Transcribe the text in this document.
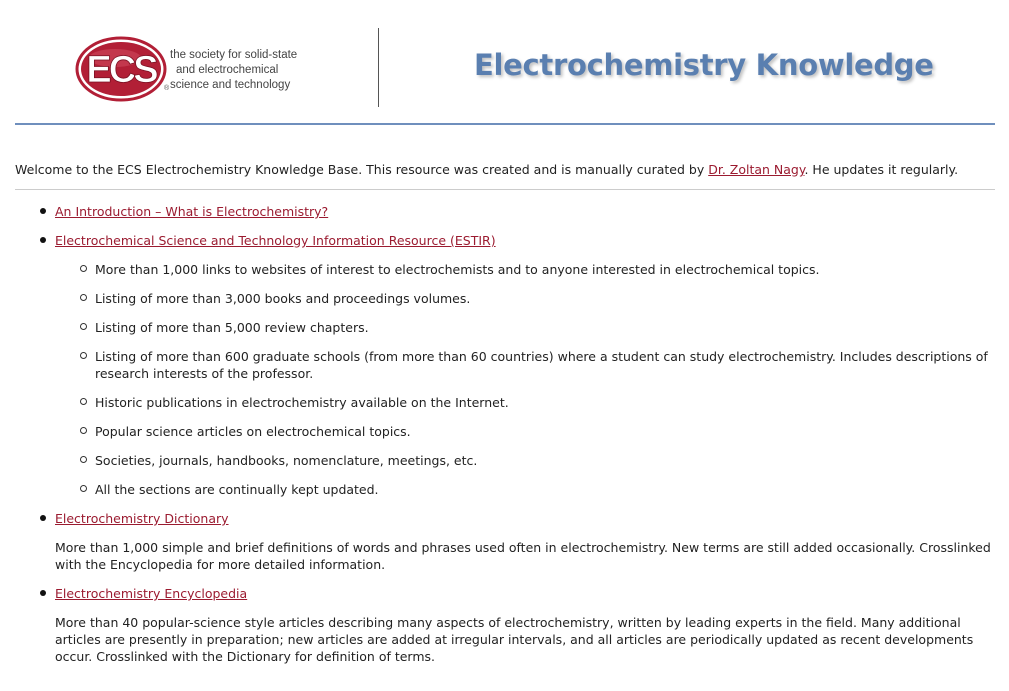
ECS ®
the society for solid-state
and electrochemical
science and technology
Electrochemistry Knowledge
Welcome to the ECS Electrochemistry Knowledge Base. This resource was created and is manually curated by Dr. Zoltan Nagy. He updates it regularly.
An Introduction – What is Electrochemistry?
Electrochemical Science and Technology Information Resource (ESTIR)
More than 1,000 links to websites of interest to electrochemists and to anyone interested in electrochemical topics.
Listing of more than 3,000 books and proceedings volumes.
Listing of more than 5,000 review chapters.
Listing of more than 600 graduate schools (from more than 60 countries) where a student can study electrochemistry. Includes descriptions of research interests of the professor.
Historic publications in electrochemistry available on the Internet.
Popular science articles on electrochemical topics.
Societies, journals, handbooks, nomenclature, meetings, etc.
All the sections are continually kept updated.
Electrochemistry Dictionary
More than 1,000 simple and brief definitions of words and phrases used often in electrochemistry. New terms are still added occasionally. Crosslinked with the Encyclopedia for more detailed information.
Electrochemistry Encyclopedia
More than 40 popular-science style articles describing many aspects of electrochemistry, written by leading experts in the field. Many additional articles are presently in preparation; new articles are added at irregular intervals, and all articles are periodically updated as recent developments occur. Crosslinked with the Dictionary for definition of terms.
